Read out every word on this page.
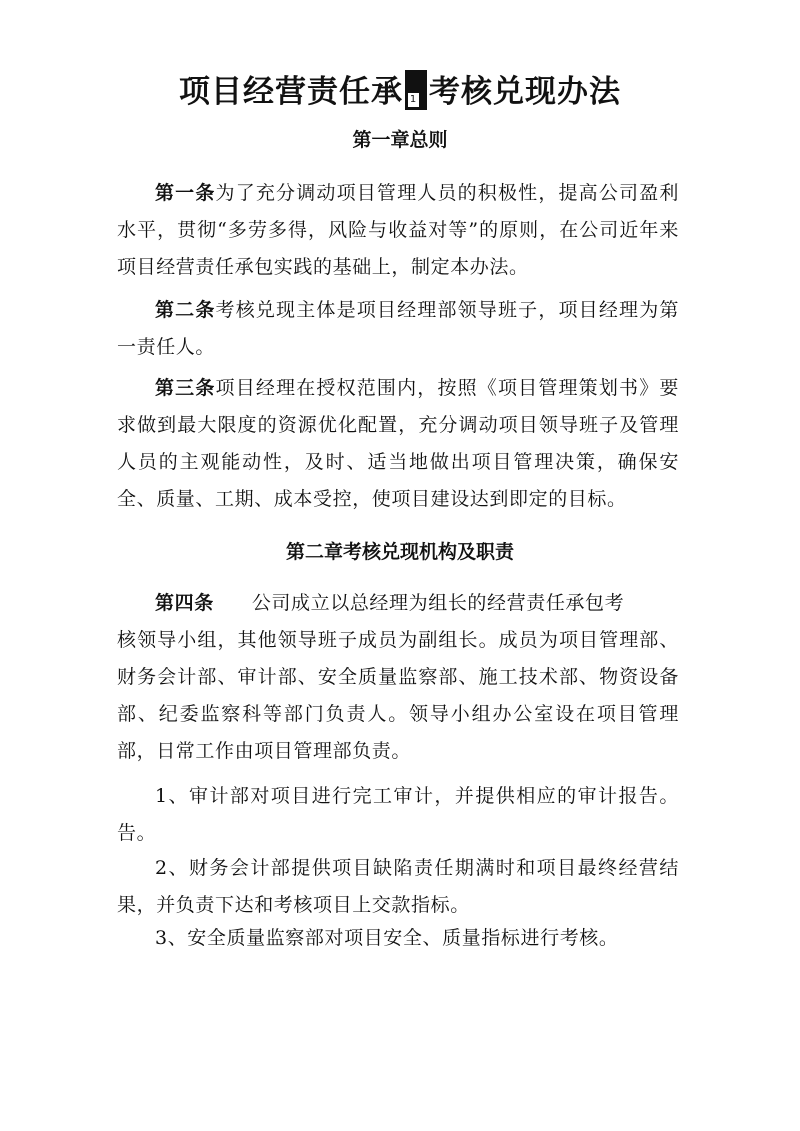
项目经营责任承 1 考核兑现办法
第一章总则

第一条为了充分调动项目管理人员的积极性，提高公司盈利水平，贯彻“多劳多得，风险与收益对等”的原则，在公司近年来项目经营责任承包实践的基础上，制定本办法。

第二条考核兑现主体是项目经理部领导班子，项目经理为第一责任人。

第三条项目经理在授权范围内，按照《项目管理策划书》要求做到最大限度的资源优化配置，充分调动项目领导班子及管理人员的主观能动性，及时、适当地做出项目管理决策，确保安全、质量、工期、成本受控，使项目建设达到即定的目标。

第二章考核兑现机构及职责

第四条 公司成立以总经理为组长的经营责任承包考
核领导小组，其他领导班子成员为副组长。成员为项目管理部、财务会计部、审计部、安全质量监察部、施工技术部、物资设备部、纪委监察科等部门负责人。领导小组办公室设在项目管理部，日常工作由项目管理部负责。

1、审计部对项目进行完工审计，并提供相应的审计报告。告。

2、财务会计部提供项目缺陷责任期满时和项目最终经营结果，并负责下达和考核项目上交款指标。

3、安全质量监察部对项目安全、质量指标进行考核。
